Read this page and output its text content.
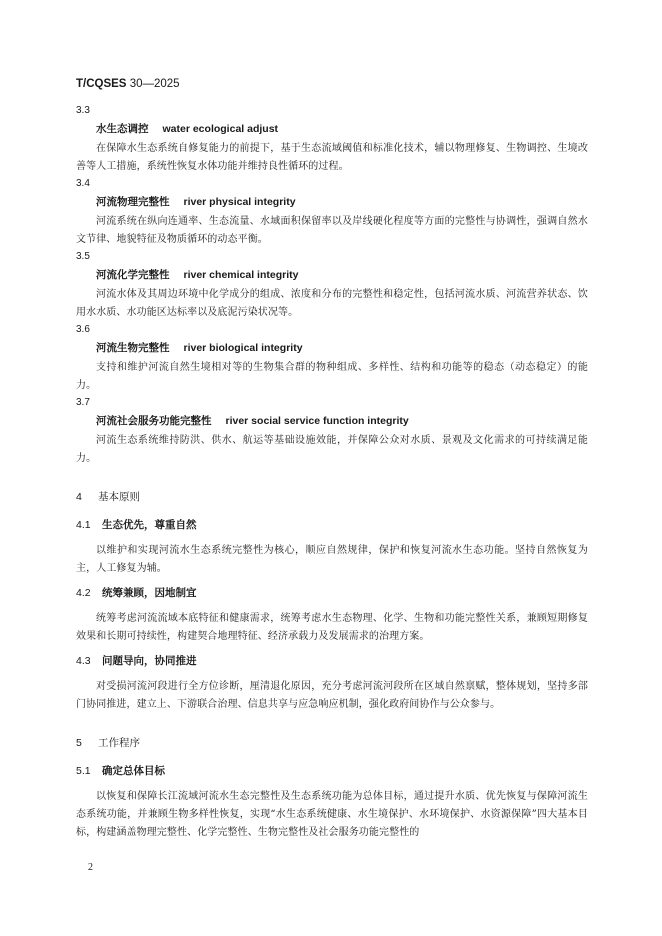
T/CQSES 30—2025

3.3

水生态调控 water ecological adjust

在保障水生态系统自修复能力的前提下，基于生态流域阈值和标准化技术，辅以物理修复、生物调控、生境改善等人工措施，系统性恢复水体功能并维持良性循环的过程。

3.4

河流物理完整性 river physical integrity

河流系统在纵向连通率、生态流量、水域面积保留率以及岸线硬化程度等方面的完整性与协调性，强调自然水文节律、地貌特征及物质循环的动态平衡。

3.5

河流化学完整性 river chemical integrity

河流水体及其周边环境中化学成分的组成、浓度和分布的完整性和稳定性，包括河流水质、河流营养状态、饮用水水质、水功能区达标率以及底泥污染状况等。

3.6

河流生物完整性 river biological integrity

支持和维护河流自然生境相对等的生物集合群的物种组成、多样性、结构和功能等的稳态（动态稳定）的能力。

3.7

河流社会服务功能完整性 river social service function integrity

河流生态系统维持防洪、供水、航运等基础设施效能，并保障公众对水质、景观及文化需求的可持续满足能力。

4 基本原则
4.1 生态优先，尊重自然

以维护和实现河流水生态系统完整性为核心，顺应自然规律，保护和恢复河流水生态功能。坚持自然恢复为主，人工修复为辅。

4.2 统筹兼顾，因地制宜

统筹考虑河流流域本底特征和健康需求，统筹考虑水生态物理、化学、生物和功能完整性关系，兼顾短期修复效果和长期可持续性，构建契合地理特征、经济承载力及发展需求的治理方案。

4.3 问题导向，协同推进

对受损河流河段进行全方位诊断，厘清退化原因，充分考虑河流河段所在区域自然禀赋，整体规划，坚持多部门协同推进，建立上、下游联合治理、信息共享与应急响应机制，强化政府间协作与公众参与。

5 工作程序
5.1 确定总体目标

以恢复和保障长江流域河流水生态完整性及生态系统功能为总体目标，通过提升水质、优先恢复与保障河流生态系统功能，并兼顾生物多样性恢复，实现“水生态系统健康、水生境保护、水环境保护、水资源保障”四大基本目标，构建涵盖物理完整性、化学完整性、生物完整性及社会服务功能完整性的

2
